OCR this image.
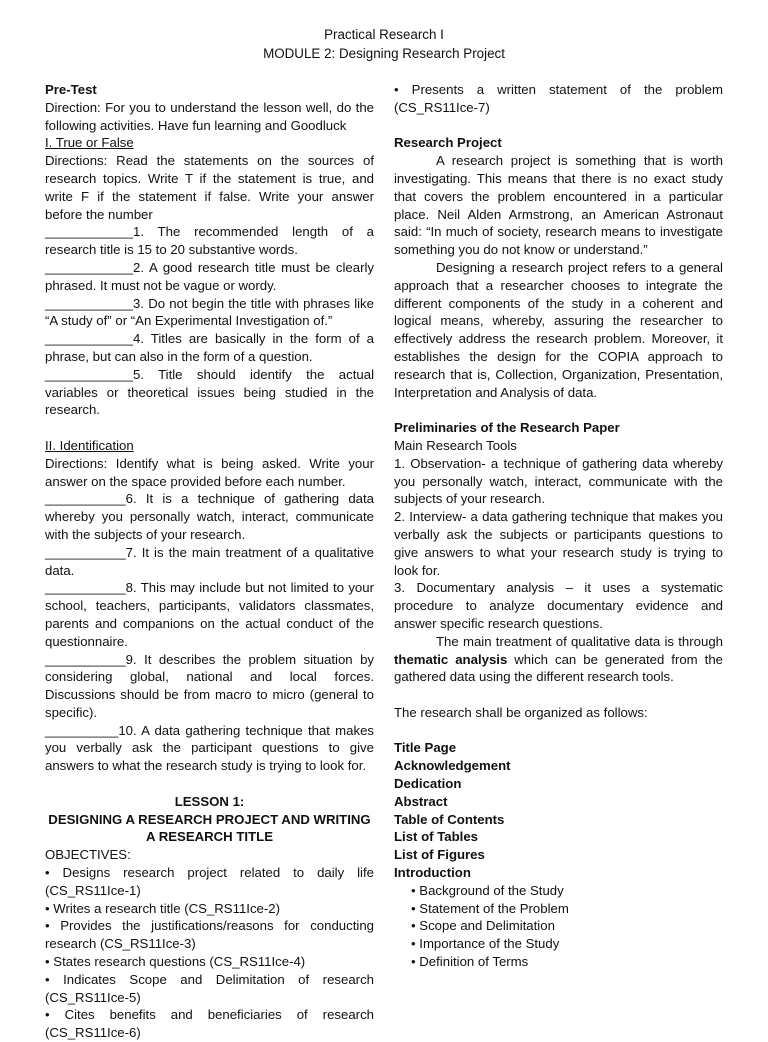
Practical Research I
MODULE 2: Designing Research Project

Pre-Test

Direction: For you to understand the lesson well, do the following activities. Have fun learning and Goodluck

I. True or False

Directions: Read the statements on the sources of research topics. Write T if the statement is true, and write F if the statement if false. Write your answer before the number

____________1. The recommended length of a research title is 15 to 20 substantive words.

____________2. A good research title must be clearly phrased. It must not be vague or wordy.

____________3. Do not begin the title with phrases like “A study of” or “An Experimental Investigation of.”

____________4. Titles are basically in the form of a phrase, but can also in the form of a question.

____________5. Title should identify the actual variables or theoretical issues being studied in the research.

II. Identification

Directions: Identify what is being asked. Write your answer on the space provided before each number.

___________6. It is a technique of gathering data whereby you personally watch, interact, communicate with the subjects of your research.

___________7. It is the main treatment of a qualitative data.

___________8. This may include but not limited to your school, teachers, participants, validators classmates, parents and companions on the actual conduct of the questionnaire.

___________9. It describes the problem situation by considering global, national and local forces. Discussions should be from macro to micro (general to specific).

__________10. A data gathering technique that makes you verbally ask the participant questions to give answers to what the research study is trying to look for.

LESSON 1:

DESIGNING A RESEARCH PROJECT AND WRITING A RESEARCH TITLE

OBJECTIVES:

• Designs research project related to daily life (CS_RS11Ice-1)

• Writes a research title (CS_RS11Ice-2)

• Provides the justifications/reasons for conducting research (CS_RS11Ice-3)

• States research questions (CS_RS11Ice-4)

• Indicates Scope and Delimitation of research (CS_RS11Ice-5)

• Cites benefits and beneficiaries of research (CS_RS11Ice-6)

• Presents a written statement of the problem (CS_RS11Ice-7)

Research Project

A research project is something that is worth investigating. This means that there is no exact study that covers the problem encountered in a particular place. Neil Alden Armstrong, an American Astronaut said: “In much of society, research means to investigate something you do not know or understand.”

Designing a research project refers to a general approach that a researcher chooses to integrate the different components of the study in a coherent and logical means, whereby, assuring the researcher to effectively address the research problem. Moreover, it establishes the design for the COPIA approach to research that is, Collection, Organization, Presentation, Interpretation and Analysis of data.

Preliminaries of the Research Paper

Main Research Tools

1. Observation- a technique of gathering data whereby you personally watch, interact, communicate with the subjects of your research.

2. Interview- a data gathering technique that makes you verbally ask the subjects or participants questions to give answers to what your research study is trying to look for.

3. Documentary analysis – it uses a systematic procedure to analyze documentary evidence and answer specific research questions.

The main treatment of qualitative data is through thematic analysis which can be generated from the gathered data using the different research tools.

The research shall be organized as follows:

Title Page

Acknowledgement

Dedication

Abstract

Table of Contents

List of Tables

List of Figures

Introduction

• Background of the Study

• Statement of the Problem

• Scope and Delimitation

• Importance of the Study

• Definition of Terms
